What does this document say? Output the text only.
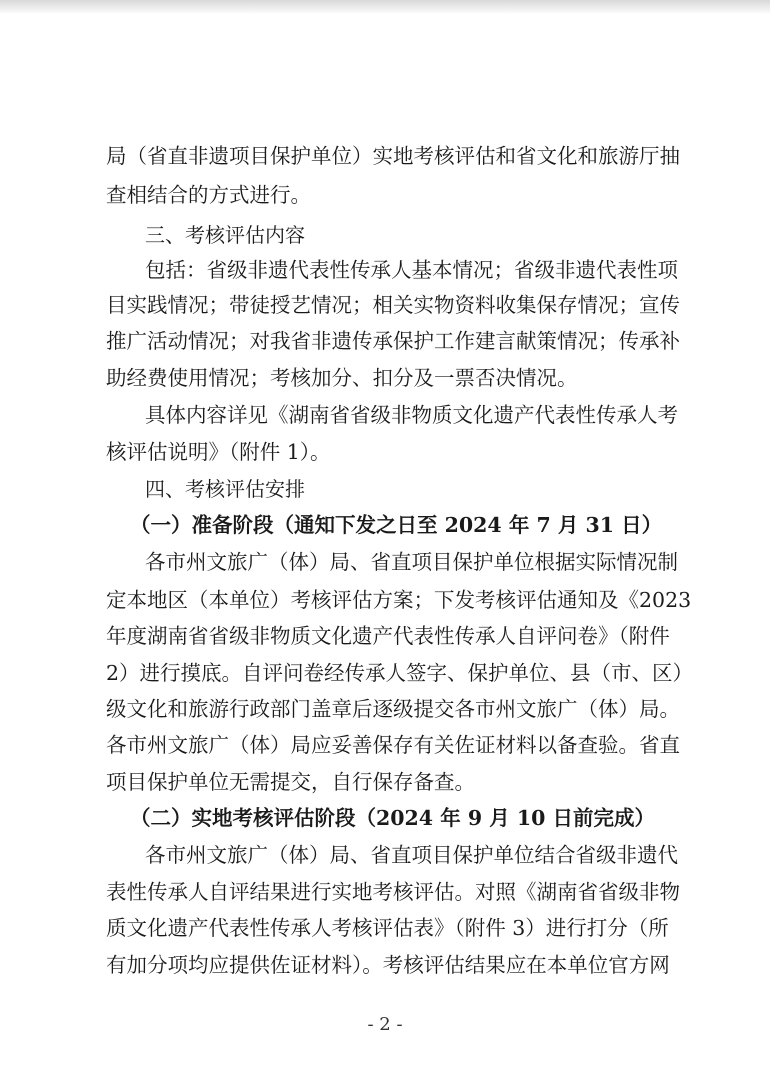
局（省直非遗项目保护单位）实地考核评估和省文化和旅游厅抽

查相结合的方式进行。

三、考核评估内容

包括：省级非遗代表性传承人基本情况；省级非遗代表性项

目实践情况；带徒授艺情况；相关实物资料收集保存情况；宣传

推广活动情况；对我省非遗传承保护工作建言献策情况；传承补

助经费使用情况；考核加分、扣分及一票否决情况。

具体内容详见《湖南省省级非物质文化遗产代表性传承人考

核评估说明》（附件 1）。

四、考核评估安排

（一）准备阶段（通知下发之日至 2024 年 7 月 31 日）

各市州文旅广（体）局、省直项目保护单位根据实际情况制

定本地区（本单位）考核评估方案；下发考核评估通知及《2023

年度湖南省省级非物质文化遗产代表性传承人自评问卷》（附件

2）进行摸底。自评问卷经传承人签字、保护单位、县（市、区）

级文化和旅游行政部门盖章后逐级提交各市州文旅广（体）局。

各市州文旅广（体）局应妥善保存有关佐证材料以备查验。省直

项目保护单位无需提交，自行保存备查。

（二）实地考核评估阶段（2024 年 9 月 10 日前完成）

各市州文旅广（体）局、省直项目保护单位结合省级非遗代

表性传承人自评结果进行实地考核评估。对照《湖南省省级非物

质文化遗产代表性传承人考核评估表》（附件 3）进行打分（所

有加分项均应提供佐证材料）。考核评估结果应在本单位官方网

- 2 -
